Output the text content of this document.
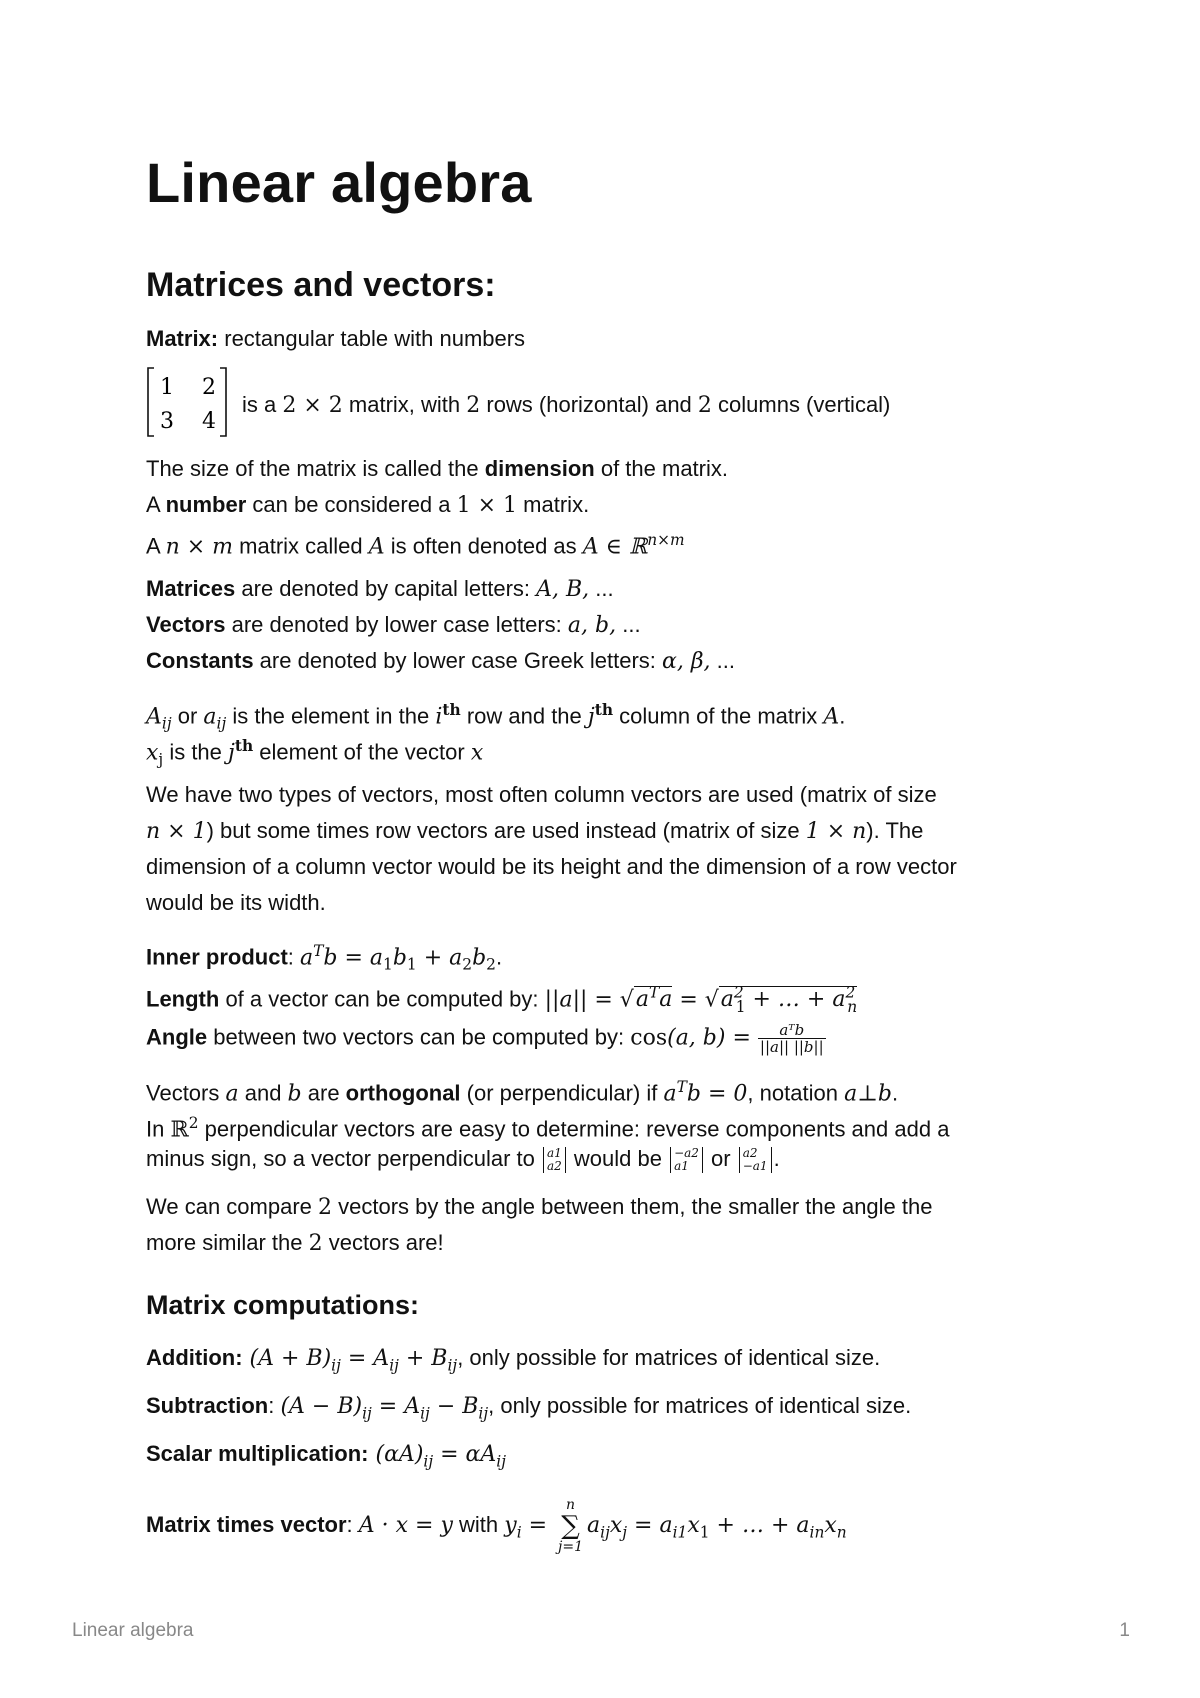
Linear algebra
Matrices and vectors:
Matrix: rectangular table with numbers
1 2
3 4
is a 2 × 2 matrix, with 2 rows (horizontal) and 2 columns (vertical)
The size of the matrix is called the dimension of the matrix.
A number can be considered a 1 × 1 matrix.
A n × m matrix called A is often denoted as A ∈ ℝ$^{n\times m}$
Matrices are denoted by capital letters: A, B, ...
Vectors are denoted by lower case letters: a, b, ...
Constants are denoted by lower case Greek letters: α, β, ...
$A_{ij}$ or $a_{ij}$ is the element in the $i^{th}$ row and the $j^{th}$ column of the matrix A.
$x_j$ is the $j^{th}$ element of the vector x
We have two types of vectors, most often column vectors are used (matrix of size
n × 1) but some times row vectors are used instead (matrix of size 1 × n). The
dimension of a column vector would be its height and the dimension of a row vector
would be its width.
Inner product: $a^Tb = a_1b_1 + a_2b_2$.
Length of a vector can be computed by: $||a|| = √a^Ta = √a^2_1$ + … + $a^2_n$
Angle between two vectors can be computed by: cos(a, $b) = \frac{\text{aᵀb}}{||a|| ||b||}$
Vectors a and b are orthogonal (or perpendicular) if $a^Tb = 0$, notation a⊥b.
In ℝ$^2$ perpendicular vectors are easy to determine: reverse components and add a
minus sign, so a vector perpendicular to a1
a2 would be −a2
a1 or a2
−a1 .
We can compare 2 vectors by the angle between them, the smaller the angle the
more similar the 2 vectors are!
Matrix computations:
Addition: $(A + B)_{ij} = A_{ij} + B_{ij}$, only possible for matrices of identical size.
Subtraction: $(A - B)_{ij} = A_{ij} - B_{ij}$, only possible for matrices of identical size.
Scalar multiplication: $(\alpha A)_{ij} = \alpha A_{ij}$
Matrix times vector: A · x = y with $y_i = n$
∑
$j=1a_{ij}x_j = a_{i1}x_1$ + … + $a_{in}x_n$
Linear algebra	1
